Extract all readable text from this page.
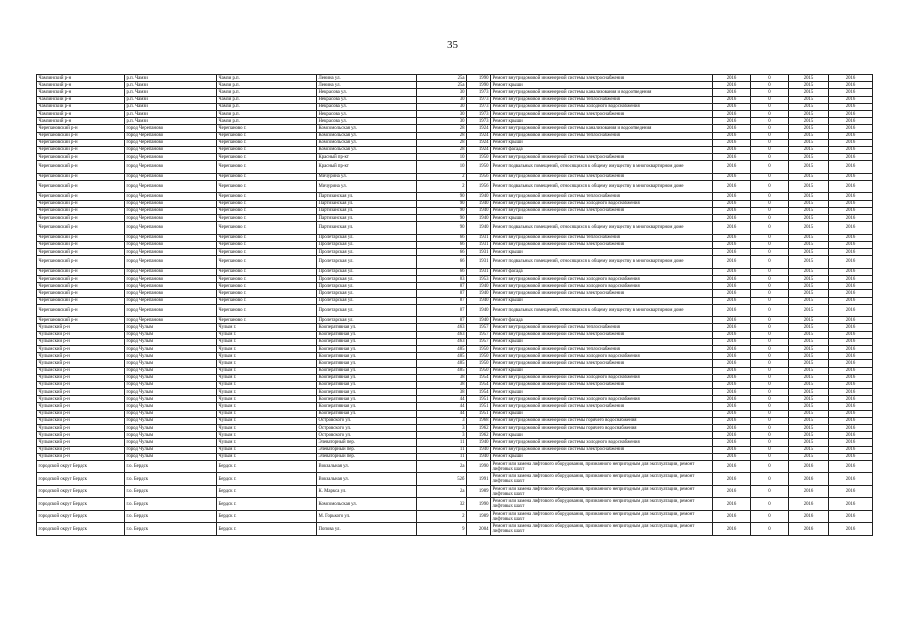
35
Чамзинский р-н	р.п. Чамзи	Чамзи р.п.	Ленина ул.	25а	1990	Ремонт внутридомовой инженерной системы электроснабжения	2016	0	2015	2016
Чамзинский р-н	р.п. Чамзи	Чамзи р.п.	Ленина ул.	25а	1990	Ремонт крыши	2016	0	2015	2016
Чамзинский р-н	р.п. Чамзи	Чамзи р.п.	Некрасова ул.	30	1973	Ремонт внутридомовой инженерной системы канализования и водоотведения	2016	0	2015	2016
Чамзинский р-н	р.п. Чамзи	Чамзи р.п.	Некрасова ул.	30	1973	Ремонт внутридомовой инженерной системы теплоснабжения	2016	0	2015	2016
Чамзинский р-н	р.п. Чамзи	Чамзи р.п.	Некрасова ул.	30	1973	Ремонт внутридомовой инженерной системы холодного водоснабжения	2016	0	2015	2016
Чамзинский р-н	р.п. Чамзи	Чамзи р.п.	Некрасова ул.	30	1973	Ремонт внутридомовой инженерной системы электроснабжения	2016	0	2015	2016
Чамзинский р-н	р.п. Чамзи	Чамзи р.п.	Некрасова ул.	30	1973	Ремонт крыши	2016	0	2015	2016
Черепановский р-н	город Черепаново	Черепаново г.	Комсомольская ул.	28	1924	Ремонт внутридомовой инженерной системы канализования и водоотведения	2016	0	2015	2016
Черепановский р-н	город Черепаново	Черепаново г.	Комсомольская ул.	28	1924	Ремонт внутридомовой инженерной системы теплоснабжения	2016	0	2015	2016
Черепановский р-н	город Черепаново	Черепаново г.	Комсомольская ул.	28	1924	Ремонт крыши	2016	0	2015	2016
Черепановский р-н	город Черепаново	Черепаново г.	Комсомольская ул.	28	1924	Ремонт фасада	2016	0	2015	2016
Черепановский р-н	город Черепаново	Черепаново г.	Красный пр-кт	10	1950	Ремонт внутридомовой инженерной системы электроснабжения	2016	0	2015	2016
Черепановский р-н	город Черепаново	Черепаново г.	Красный пр-кт	10	1950	Ремонт подвальных помещений, относящихся к общему имуществу в многоквартирном доме	2016	0	2015	2016
Черепановский р-н	город Черепаново	Черепаново г.	Мичурина ул.	2	1956	Ремонт внутридомовой инженерной системы электроснабжения	2016	0	2015	2016
Черепановский р-н	город Черепаново	Черепаново г.	Мичурина ул.	2	1956	Ремонт подвальных помещений, относящихся к общему имуществу в многоквартирном доме	2016	0	2015	2016
Черепановский р-н	город Черепаново	Черепаново г.	Партизанская ул.	90	1940	Ремонт внутридомовой инженерной системы теплоснабжения	2016	0	2015	2016
Черепановский р-н	город Черепаново	Черепаново г.	Партизанская ул.	90	1940	Ремонт внутридомовой инженерной системы холодного водоснабжения	2016	0	2015	2016
Черепановский р-н	город Черепаново	Черепаново г.	Партизанская ул.	90	1940	Ремонт внутридомовой инженерной системы электроснабжения	2016	0	2015	2016
Черепановский р-н	город Черепаново	Черепаново г.	Партизанская ул.	90	1940	Ремонт крыши	2016	0	2015	2016
Черепановский р-н	город Черепаново	Черепаново г.	Партизанская ул.	90	1940	Ремонт подвальных помещений, относящихся к общему имуществу в многоквартирном доме	2016	0	2015	2016
Черепановский р-н	город Черепаново	Черепаново г.	Пролетарская ул.	66	1931	Ремонт внутридомовой инженерной системы теплоснабжения	2016	0	2015	2016
Черепановский р-н	город Черепаново	Черепаново г.	Пролетарская ул.	66	1931	Ремонт внутридомовой инженерной системы электроснабжения	2016	0	2015	2016
Черепановский р-н	город Черепаново	Черепаново г.	Пролетарская ул.	66	1931	Ремонт крыши	2016	0	2015	2016
Черепановский р-н	город Черепаново	Черепаново г.	Пролетарская ул.	66	1931	Ремонт подвальных помещений, относящихся к общему имуществу в многоквартирном доме	2016	0	2015	2016
Черепановский р-н	город Черепаново	Черепаново г.	Пролетарская ул.	66	1931	Ремонт фасада	2016	0	2015	2016
Черепановский р-н	город Черепаново	Черепаново г.	Пролетарская ул.	83	1953	Ремонт внутридомовой инженерной системы холодного водоснабжения	2016	0	2015	2016
Черепановский р-н	город Черепаново	Черепаново г.	Пролетарская ул.	87	1940	Ремонт внутридомовой инженерной системы холодного водоснабжения	2016	0	2015	2016
Черепановский р-н	город Черепаново	Черепаново г.	Пролетарская ул.	87	1940	Ремонт внутридомовой инженерной системы электроснабжения	2016	0	2015	2016
Черепановский р-н	город Черепаново	Черепаново г.	Пролетарская ул.	87	1940	Ремонт крыши	2016	0	2015	2016
Черепановский р-н	город Черепаново	Черепаново г.	Пролетарская ул.	87	1940	Ремонт подвальных помещений, относящихся к общему имуществу в многоквартирном доме	2016	0	2015	2016
Черепановский р-н	город Черепаново	Черепаново г.	Пролетарская ул.	87	1940	Ремонт фасада	2016	0	2015	2016
Чулымский р-н	город Чулым	Чулым г.	Кооперативная ул.	463	1957	Ремонт внутридомовой инженерной системы теплоснабжения	2016	0	2015	2016
Чулымский р-н	город Чулым	Чулым г.	Кооперативная ул.	463	1957	Ремонт внутридомовой инженерной системы электроснабжения	2016	0	2015	2016
Чулымский р-н	город Чулым	Чулым г.	Кооперативная ул.	463	1957	Ремонт крыши	2016	0	2015	2016
Чулымский р-н	город Чулым	Чулым г.	Кооперативная ул.	485	1950	Ремонт внутридомовой инженерной системы теплоснабжения	2016	0	2015	2016
Чулымский р-н	город Чулым	Чулым г.	Кооперативная ул.	485	1950	Ремонт внутридомовой инженерной системы холодного водоснабжения	2016	0	2015	2016
Чулымский р-н	город Чулым	Чулым г.	Кооперативная ул.	485	1950	Ремонт внутридомовой инженерной системы электроснабжения	2016	0	2015	2016
Чулымский р-н	город Чулым	Чулым г.	Кооперативная ул.	485	1950	Ремонт крыши	2016	0	2015	2016
Чулымский р-н	город Чулым	Чулым г.	Кооперативная ул.	38	1954	Ремонт внутридомовой инженерной системы холодного водоснабжения	2016	0	2015	2016
Чулымский р-н	город Чулым	Чулым г.	Кооперативная ул.	38	1954	Ремонт внутридомовой инженерной системы электроснабжения	2016	0	2015	2016
Чулымский р-н	город Чулым	Чулым г.	Кооперативная ул.	38	1954	Ремонт крыши	2016	0	2015	2016
Чулымский р-н	город Чулым	Чулым г.	Кооперативная ул.	44	1951	Ремонт внутридомовой инженерной системы холодного водоснабжения	2016	0	2015	2016
Чулымский р-н	город Чулым	Чулым г.	Кооперативная ул.	44	1951	Ремонт внутридомовой инженерной системы электроснабжения	2016	0	2015	2016
Чулымский р-н	город Чулым	Чулым г.	Кооперативная ул.	44	1951	Ремонт крыши	2016	0	2015	2016
Чулымский р-н	город Чулым	Чулым г.	Островского ул.	3	1968	Ремонт внутридомовой инженерной системы горячего водоснабжения	2016	0	2015	2016
Чулымский р-н	город Чулым	Чулым г.	Островского ул.	3	1962	Ремонт внутридомовой инженерной системы горячего водоснабжения	2016	0	2015	2016
Чулымский р-н	город Чулым	Чулым г.	Островского ул.	3	1962	Ремонт крыши	2016	0	2015	2016
Чулымский р-н	город Чулым	Чулым г.	Элеваторный пер.	11	1940	Ремонт внутридомовой инженерной системы холодного водоснабжения	2016	0	2015	2016
Чулымский р-н	город Чулым	Чулым г.	Элеваторный пер.	11	1940	Ремонт внутридомовой инженерной системы электроснабжения	2016	0	2015	2016
Чулымский р-н	город Чулым	Чулым г.	Элеваторный пер.	11	1940	Ремонт крыши	2016	0	2015	2016
городской округ Бердск	г.о. Бердск	Бердск г.	Вокзальная ул.	2а	1990	Ремонт или замена лифтового оборудования, признанного непригодным для эксплуатации, ремонт лифтовых шахт	2016	0	2016	2016
городской округ Бердск	г.о. Бердск	Бердск г.	Вокзальная ул.	52б	1991	Ремонт или замена лифтового оборудования, признанного непригодным для эксплуатации, ремонт лифтовых шахт	2016	0	2016	2016
городской округ Бердск	г.о. Бердск	Бердск г.	К. Маркса ул.	2а	1989	Ремонт или замена лифтового оборудования, признанного непригодным для эксплуатации, ремонт лифтовых шахт	2016	0	2016	2016
городской округ Бердск	г.о. Бердск	Бердск г.	Комсомольская ул.	32	1990	Ремонт или замена лифтового оборудования, признанного непригодным для эксплуатации, ремонт лифтовых шахт	2016	0	2016	2016
городской округ Бердск	г.о. Бердск	Бердск г.	М. Горького ул.	2	1989	Ремонт или замена лифтового оборудования, признанного непригодным для эксплуатации, ремонт лифтовых шахт	2016	0	2016	2016
городской округ Бердск	г.о. Бердск	Бердск г.	Попова ул.	9	2004	Ремонт или замена лифтового оборудования, признанного непригодным для эксплуатации, ремонт лифтовых шахт	2016	0	2016	2016
